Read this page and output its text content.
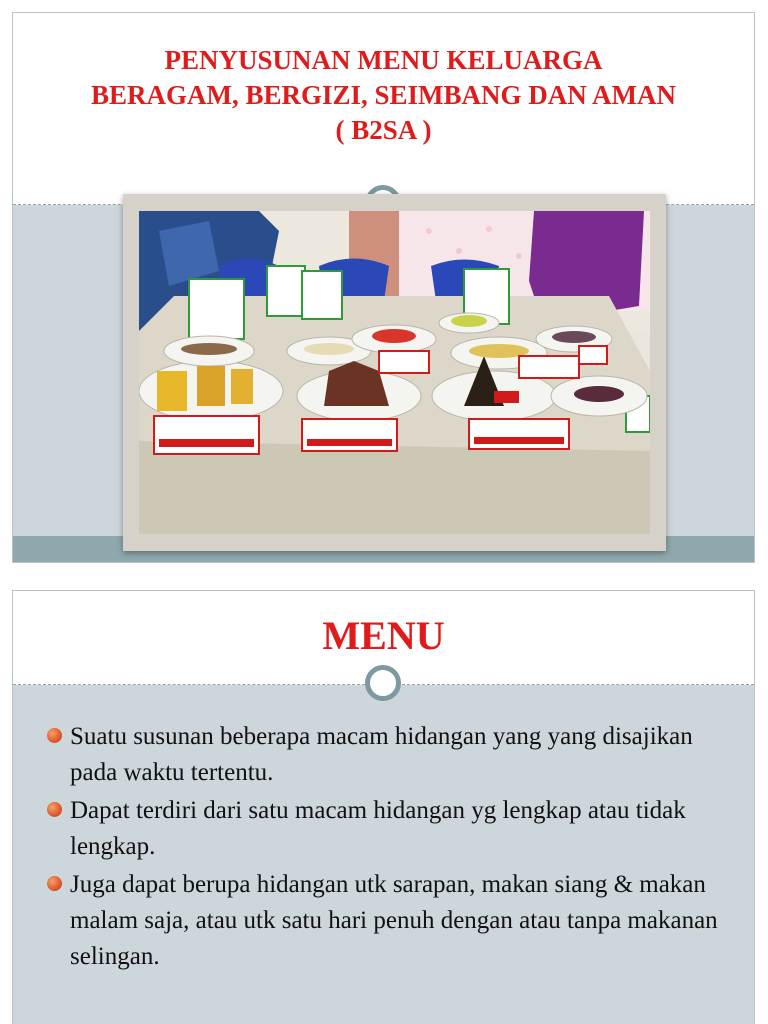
PENYUSUNAN MENU KELUARGA
BERAGAM, BERGIZI, SEIMBANG DAN AMAN
( B2SA )
MENU
Suatu susunan beberapa macam hidangan yang yang disajikan pada waktu tertentu.
Dapat terdiri dari satu macam hidangan yg lengkap atau tidak lengkap.
Juga dapat berupa hidangan utk sarapan, makan siang & makan malam saja, atau utk satu hari penuh dengan atau tanpa makanan selingan.
